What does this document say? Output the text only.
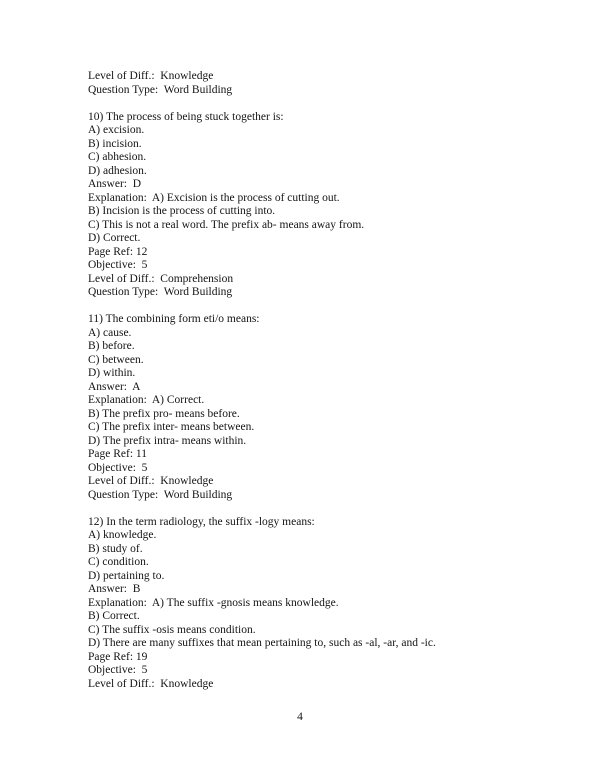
Level of Diff.:  Knowledge
Question Type:  Word Building
10) The process of being stuck together is:
A) excision.
B) incision.
C) abhesion.
D) adhesion.
Answer:  D
Explanation:  A) Excision is the process of cutting out.
B) Incision is the process of cutting into.
C) This is not a real word. The prefix ab- means away from.
D) Correct.
Page Ref: 12
Objective:  5
Level of Diff.:  Comprehension
Question Type:  Word Building
11) The combining form eti/o means:
A) cause.
B) before.
C) between.
D) within.
Answer:  A
Explanation:  A) Correct.
B) The prefix pro- means before.
C) The prefix inter- means between.
D) The prefix intra- means within.
Page Ref: 11
Objective:  5
Level of Diff.:  Knowledge
Question Type:  Word Building
12) In the term radiology, the suffix -logy means:
A) knowledge.
B) study of.
C) condition.
D) pertaining to.
Answer:  B
Explanation:  A) The suffix -gnosis means knowledge.
B) Correct.
C) The suffix -osis means condition.
D) There are many suffixes that mean pertaining to, such as -al, -ar, and -ic.
Page Ref: 19
Objective:  5
Level of Diff.:  Knowledge
4
